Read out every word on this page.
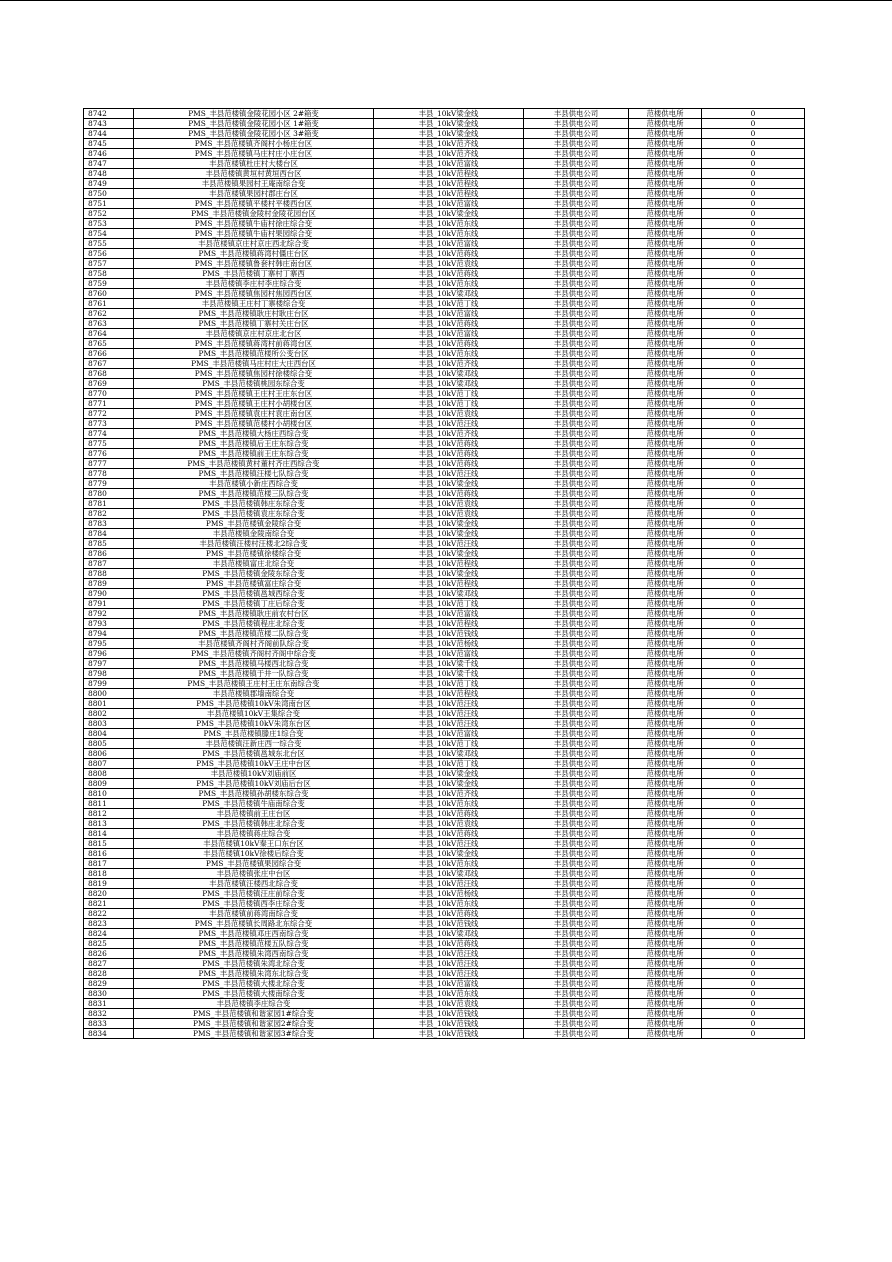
8742	PMS_丰县范楼镇金陵花园小区 2#箱变	丰县_10kV梁金线	丰县供电公司	范楼供电所	0
8743	PMS_丰县范楼镇金陵花园小区 1#箱变	丰县_10kV梁金线	丰县供电公司	范楼供电所	0
8744	PMS_丰县范楼镇金陵花园小区 3#箱变	丰县_10kV梁金线	丰县供电公司	范楼供电所	0
8745	PMS_丰县范楼镇齐阁村小杨庄台区	丰县_10kV范齐线	丰县供电公司	范楼供电所	0
8746	PMS_丰县范楼镇马庄村庄小庄台区	丰县_10kV范齐线	丰县供电公司	范楼供电所	0
8747	丰县范楼镇杜庄村大楼台区	丰县_10kV范富线	丰县供电公司	范楼供电所	0
8748	丰县范楼镇黄垣村黄垣西台区	丰县_10kV范程线	丰县供电公司	范楼供电所	0
8749	丰县范楼镇果园村王庵南综合变	丰县_10kV范程线	丰县供电公司	范楼供电所	0
8750	丰县范楼镇果园村郡庄台区	丰县_10kV范程线	丰县供电公司	范楼供电所	0
8751	PMS_丰县范楼镇平楼村平楼西台区	丰县_10kV范富线	丰县供电公司	范楼供电所	0
8752	PMS_丰县范楼镇金陵村金陵花园台区	丰县_10kV梁金线	丰县供电公司	范楼供电所	0
8753	PMS_丰县范楼镇牛庙村徐庄综合变	丰县_10kV范东线	丰县供电公司	范楼供电所	0
8754	PMS_丰县范楼镇牛庙村果园综合变	丰县_10kV范东线	丰县供电公司	范楼供电所	0
8755	丰县范楼镇京庄村京庄西北综合变	丰县_10kV范富线	丰县供电公司	范楼供电所	0
8756	PMS_丰县范楼镇蒋湾村僵庄台区	丰县_10kV范蒋线	丰县供电公司	范楼供电所	0
8757	PMS_丰县范楼镇鲁套村韩庄南台区	丰县_10kV范袁线	丰县供电公司	范楼供电所	0
8758	PMS_丰县范楼镇丁寨村丁寨西	丰县_10kV范蒋线	丰县供电公司	范楼供电所	0
8759	丰县范楼镇李庄村李庄综合变	丰县_10kV范东线	丰县供电公司	范楼供电所	0
8760	PMS_丰县范楼镇焦园村焦园西台区	丰县_10kV梁邓线	丰县供电公司	范楼供电所	0
8761	丰县范楼镇王庄村丁寨楼综合变	丰县_10kV范丁线	丰县供电公司	范楼供电所	0
8762	PMS_丰县范楼镇耿庄村耿庄台区	丰县_10kV范富线	丰县供电公司	范楼供电所	0
8763	PMS_丰县范楼镇丁寨村关庄台区	丰县_10kV范蒋线	丰县供电公司	范楼供电所	0
8764	丰县范楼镇京庄村京庄北台区	丰县_10kV范富线	丰县供电公司	范楼供电所	0
8765	PMS_丰县范楼镇蒋湾村前蒋湾台区	丰县_10kV范蒋线	丰县供电公司	范楼供电所	0
8766	PMS_丰县范楼镇范楼所公变台区	丰县_10kV范东线	丰县供电公司	范楼供电所	0
8767	PMS_丰县范楼镇马庄村庄大庄西台区	丰县_10kV范齐线	丰县供电公司	范楼供电所	0
8768	PMS_丰县范楼镇焦园村徐楼综合变	丰县_10kV梁邓线	丰县供电公司	范楼供电所	0
8769	PMS_丰县范楼镇桃园东综合变	丰县_10kV梁邓线	丰县供电公司	范楼供电所	0
8770	PMS_丰县范楼镇王庄村王庄东台区	丰县_10kV范丁线	丰县供电公司	范楼供电所	0
8771	PMS_丰县范楼镇王庄村小胡楼台区	丰县_10kV范丁线	丰县供电公司	范楼供电所	0
8772	PMS_丰县范楼镇袁庄村袁庄南台区	丰县_10kV范袁线	丰县供电公司	范楼供电所	0
8773	PMS_丰县范楼镇范楼村小胡楼台区	丰县_10kV范汪线	丰县供电公司	范楼供电所	0
8774	PMS_丰县范楼镇大杨庄西综合变	丰县_10kV范齐线	丰县供电公司	范楼供电所	0
8775	PMS_丰县范楼镇后王庄东综合变	丰县_10kV范蒋线	丰县供电公司	范楼供电所	0
8776	PMS_丰县范楼镇前王庄东综合变	丰县_10kV范蒋线	丰县供电公司	范楼供电所	0
8777	PMS_丰县范楼镇黄村董村齐庄西综合变	丰县_10kV范蒋线	丰县供电公司	范楼供电所	0
8778	PMS_丰县范楼镇汪楼七队综合变	丰县_10kV范汪线	丰县供电公司	范楼供电所	0
8779	丰县范楼镇小新庄西综合变	丰县_10kV梁金线	丰县供电公司	范楼供电所	0
8780	PMS_丰县范楼镇范楼三队综合变	丰县_10kV范蒋线	丰县供电公司	范楼供电所	0
8781	PMS_丰县范楼镇韩庄东综合变	丰县_10kV范袁线	丰县供电公司	范楼供电所	0
8782	PMS_丰县范楼镇袁庄东综合变	丰县_10kV范袁线	丰县供电公司	范楼供电所	0
8783	PMS_丰县范楼镇金陵综合变	丰县_10kV梁金线	丰县供电公司	范楼供电所	0
8784	丰县范楼镇金陵南综合变	丰县_10kV梁金线	丰县供电公司	范楼供电所	0
8785	丰县范楼镇汪楼村汪楼北2综合变	丰县_10kV范汪线	丰县供电公司	范楼供电所	0
8786	PMS_丰县范楼镇徐楼综合变	丰县_10kV梁金线	丰县供电公司	范楼供电所	0
8787	丰县范楼镇富庄北综合变	丰县_10kV范程线	丰县供电公司	范楼供电所	0
8788	PMS_丰县范楼镇金陵东综合变	丰县_10kV梁金线	丰县供电公司	范楼供电所	0
8789	PMS_丰县范楼镇富庄综合变	丰县_10kV范程线	丰县供电公司	范楼供电所	0
8790	PMS_丰县范楼镇邕城西综合变	丰县_10kV梁邓线	丰县供电公司	范楼供电所	0
8791	PMS_丰县范楼镇丁庄后综合变	丰县_10kV范丁线	丰县供电公司	范楼供电所	0
8792	PMS_丰县范楼镇耿庄前农村台区	丰县_10kV范富线	丰县供电公司	范楼供电所	0
8793	PMS_丰县范楼镇程庄北综合变	丰县_10kV范程线	丰县供电公司	范楼供电所	0
8794	PMS_丰县范楼镇范楼二队综合变	丰县_10kV范钱线	丰县供电公司	范楼供电所	0
8795	丰县范楼镇齐阁村齐阁前队综合变	丰县_10kV范杨线	丰县供电公司	范楼供电所	0
8796	PMS_丰县范楼镇齐阁村齐阁中综合变	丰县_10kV范富线	丰县供电公司	范楼供电所	0
8797	PMS_丰县范楼镇马楼西北综合变	丰县_10kV梁千线	丰县供电公司	范楼供电所	0
8798	PMS_丰县范楼镇于井一队综合变	丰县_10kV梁千线	丰县供电公司	范楼供电所	0
8799	PMS_丰县范楼镇王庄村王庄东南综合变	丰县_10kV范丁线	丰县供电公司	范楼供电所	0
8800	丰县范楼镇郡墙南综合变	丰县_10kV范程线	丰县供电公司	范楼供电所	0
8801	PMS_丰县范楼镇10kV朱湾南台区	丰县_10kV范汪线	丰县供电公司	范楼供电所	0
8802	丰县范楼镇10kV王集综合变	丰县_10kV范汪线	丰县供电公司	范楼供电所	0
8803	PMS_丰县范楼镇10kV朱湾东台区	丰县_10kV范汪线	丰县供电公司	范楼供电所	0
8804	PMS_丰县范楼镇滕庄1综合变	丰县_10kV范富线	丰县供电公司	范楼供电所	0
8805	丰县范楼镇汪新庄西一综合变	丰县_10kV范丁线	丰县供电公司	范楼供电所	0
8806	PMS_丰县范楼镇邕城东北台区	丰县_10kV梁邓线	丰县供电公司	范楼供电所	0
8807	PMS_丰县范楼镇10kV王庄中台区	丰县_10kV范丁线	丰县供电公司	范楼供电所	0
8808	丰县范楼镇10kV刘庙前区	丰县_10kV梁金线	丰县供电公司	范楼供电所	0
8809	PMS_丰县范楼镇10kV刘庙后台区	丰县_10kV梁金线	丰县供电公司	范楼供电所	0
8810	PMS_丰县范楼镇孙胡楼东综合变	丰县_10kV范齐线	丰县供电公司	范楼供电所	0
8811	PMS_丰县范楼镇牛庙南综合变	丰县_10kV范东线	丰县供电公司	范楼供电所	0
8812	丰县范楼镇前王庄台区	丰县_10kV范蒋线	丰县供电公司	范楼供电所	0
8813	PMS_丰县范楼镇韩庄北综合变	丰县_10kV范袁线	丰县供电公司	范楼供电所	0
8814	丰县范楼镇蒋庄综合变	丰县_10kV范蒋线	丰县供电公司	范楼供电所	0
8815	丰县范楼镇10kV秦王口东台区	丰县_10kV范汪线	丰县供电公司	范楼供电所	0
8816	丰县范楼镇10kV徐楼后综合变	丰县_10kV梁金线	丰县供电公司	范楼供电所	0
8817	PMS_丰县范楼镇果园综合变	丰县_10kV范东线	丰县供电公司	范楼供电所	0
8818	丰县范楼镇张庄中台区	丰县_10kV梁邓线	丰县供电公司	范楼供电所	0
8819	丰县范楼镇汪楼西北综合变	丰县_10kV范汪线	丰县供电公司	范楼供电所	0
8820	PMS_丰县范楼镇汪庄前综合变	丰县_10kV范杨线	丰县供电公司	范楼供电所	0
8821	PMS_丰县范楼镇西李庄综合变	丰县_10kV范东线	丰县供电公司	范楼供电所	0
8822	丰县范楼镇前蒋湾南综合变	丰县_10kV范蒋线	丰县供电公司	范楼供电所	0
8823	PMS_丰县范楼镇长周路北东综合变	丰县_10kV范钱线	丰县供电公司	范楼供电所	0
8824	PMS_丰县范楼镇邓庄西南综合变	丰县_10kV梁邓线	丰县供电公司	范楼供电所	0
8825	PMS_丰县范楼镇范楼五队综合变	丰县_10kV范蒋线	丰县供电公司	范楼供电所	0
8826	PMS_丰县范楼镇朱湾西南综合变	丰县_10kV范汪线	丰县供电公司	范楼供电所	0
8827	PMS_丰县范楼镇朱湾北综合变	丰县_10kV范汪线	丰县供电公司	范楼供电所	0
8828	PMS_丰县范楼镇朱湾东北综合变	丰县_10kV范汪线	丰县供电公司	范楼供电所	0
8829	PMS_丰县范楼镇大楼北综合变	丰县_10kV范富线	丰县供电公司	范楼供电所	0
8830	PMS_丰县范楼镇大楼南综合变	丰县_10kV范东线	丰县供电公司	范楼供电所	0
8831	丰县范楼镇李庄综合变	丰县_10kV范袁线	丰县供电公司	范楼供电所	0
8832	PMS_丰县范楼镇和谐家园1#综合变	丰县_10kV范钱线	丰县供电公司	范楼供电所	0
8833	PMS_丰县范楼镇和谐家园2#综合变	丰县_10kV范钱线	丰县供电公司	范楼供电所	0
8834	PMS_丰县范楼镇和谐家园3#综合变	丰县_10kV范钱线	丰县供电公司	范楼供电所	0
